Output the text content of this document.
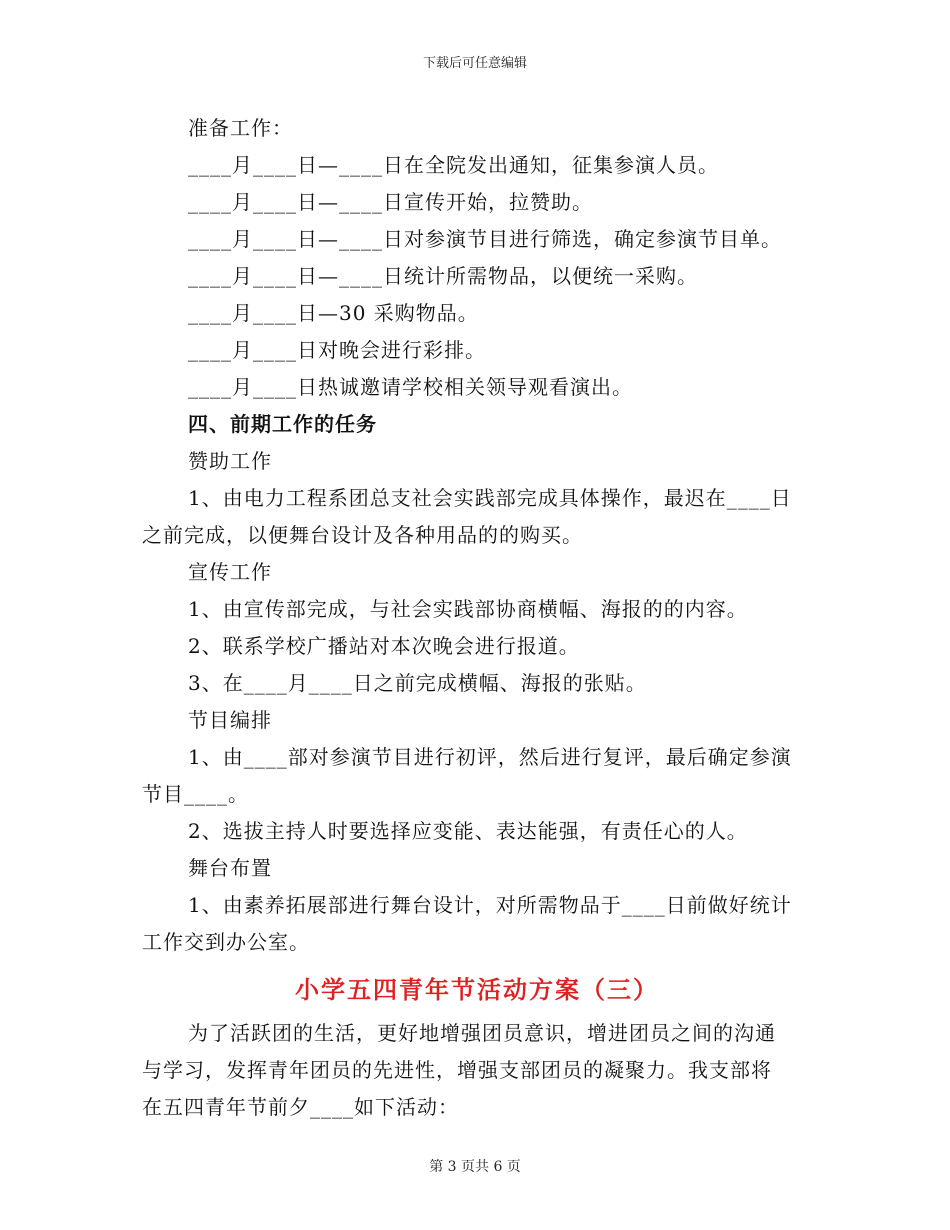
下载后可任意编辑
准备工作：
____月____日—____日在全院发出通知，征集参演人员。
____月____日—____日宣传开始，拉赞助。
____月____日—____日对参演节目进行筛选，确定参演节目单。
____月____日—____日统计所需物品，以便统一采购。
____月____日—30 采购物品。
____月____日对晚会进行彩排。
____月____日热诚邀请学校相关领导观看演出。
四、前期工作的任务
赞助工作
1、由电力工程系团总支社会实践部完成具体操作，最迟在____日
之前完成，以便舞台设计及各种用品的的购买。
宣传工作
1、由宣传部完成，与社会实践部协商横幅、海报的的内容。
2、联系学校广播站对本次晚会进行报道。
3、在____月____日之前完成横幅、海报的张贴。
节目编排
1、由____部对参演节目进行初评，然后进行复评，最后确定参演
节目____。
2、选拔主持人时要选择应变能、表达能强，有责任心的人。
舞台布置
1、由素养拓展部进行舞台设计，对所需物品于____日前做好统计
工作交到办公室。
小学五四青年节活动方案（三）
为了活跃团的生活，更好地增强团员意识，增进团员之间的沟通
与学习，发挥青年团员的先进性，增强支部团员的凝聚力。我支部将
在五四青年节前夕____如下活动：
第 3 页共 6 页
